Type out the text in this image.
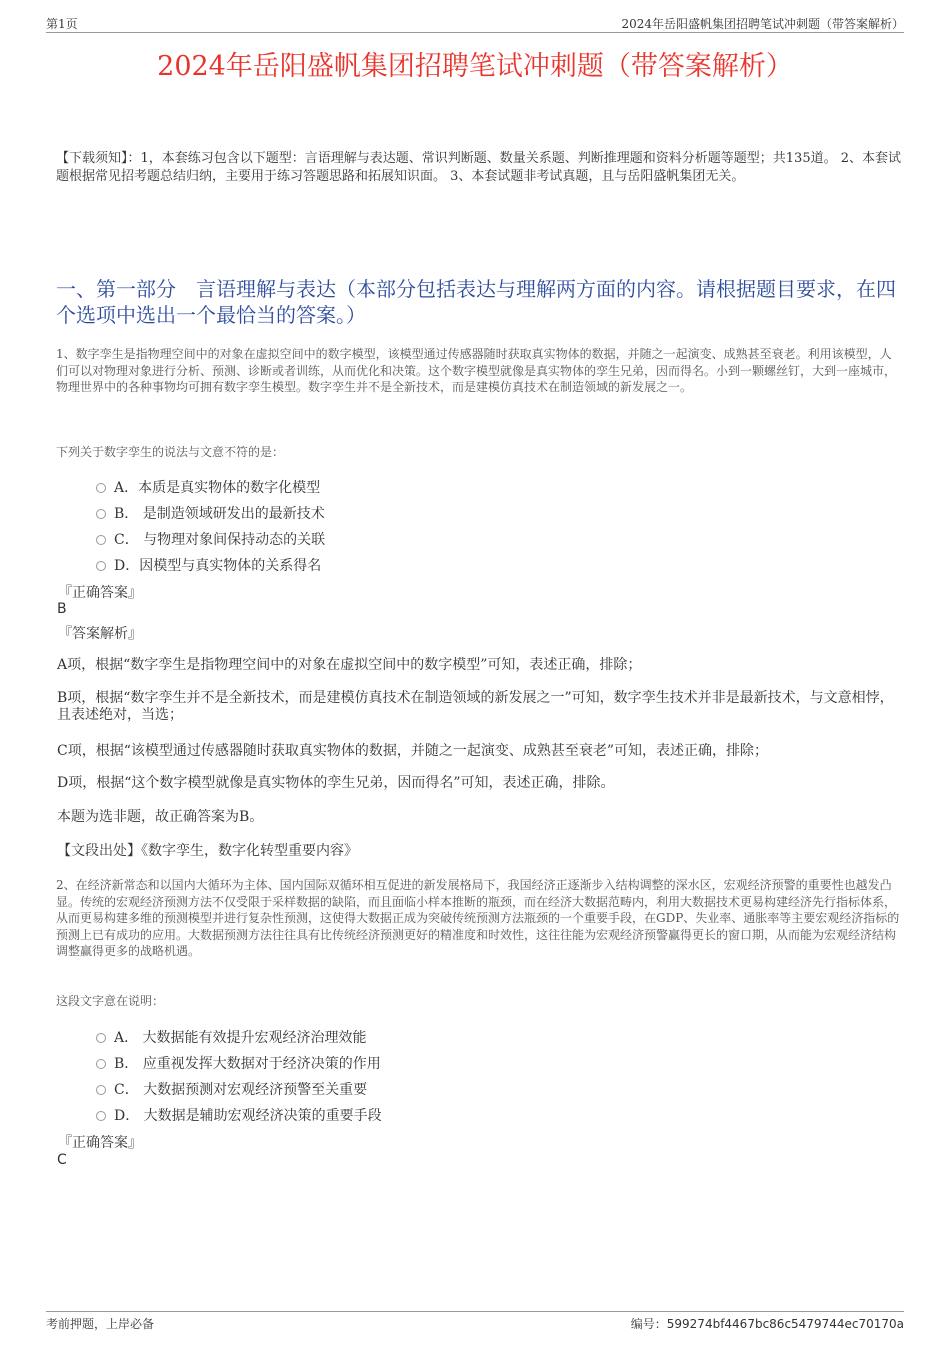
第1页	2024年岳阳盛帆集团招聘笔试冲刺题（带答案解析）
2024年岳阳盛帆集团招聘笔试冲刺题（带答案解析）
【下载须知】：1，本套练习包含以下题型：言语理解与表达题、常识判断题、数量关系题、判断推理题和资料分析题等题型；共135道。 2、本套试题根据常见招考题总结归纳，主要用于练习答题思路和拓展知识面。 3、本套试题非考试真题，且与岳阳盛帆集团无关。
一、第一部分　言语理解与表达（本部分包括表达与理解两方面的内容。请根据题目要求，在四个选项中选出一个最恰当的答案。）
1、数字孪生是指物理空间中的对象在虚拟空间中的数字模型，该模型通过传感器随时获取真实物体的数据，并随之一起演变、成熟甚至衰老。利用该模型，人们可以对物理对象进行分析、预测、诊断或者训练，从而优化和决策。这个数字模型就像是真实物体的孪生兄弟，因而得名。小到一颗螺丝钉，大到一座城市，物理世界中的各种事物均可拥有数字孪生模型。数字孪生并不是全新技术，而是建模仿真技术在制造领域的新发展之一。
下列关于数字孪生的说法与文意不符的是：
A．本质是真实物体的数字化模型
B． 是制造领域研发出的最新技术
C． 与物理对象间保持动态的关联
D．因模型与真实物体的关系得名
『正确答案』
B
『答案解析』
A项，根据“数字孪生是指物理空间中的对象在虚拟空间中的数字模型”可知，表述正确，排除；
B项，根据“数字孪生并不是全新技术，而是建模仿真技术在制造领域的新发展之一”可知，数字孪生技术并非是最新技术，与文意相悖，且表述绝对，当选；
C项，根据“该模型通过传感器随时获取真实物体的数据，并随之一起演变、成熟甚至衰老”可知，表述正确，排除；
D项，根据“这个数字模型就像是真实物体的孪生兄弟，因而得名”可知，表述正确，排除。
本题为选非题，故正确答案为B。
【文段出处】《数字孪生，数字化转型重要内容》
2、在经济新常态和以国内大循环为主体、国内国际双循环相互促进的新发展格局下，我国经济正逐渐步入结构调整的深水区，宏观经济预警的重要性也越发凸显。传统的宏观经济预测方法不仅受限于采样数据的缺陷，而且面临小样本推断的瓶颈，而在经济大数据范畴内，利用大数据技术更易构建经济先行指标体系，从而更易构建多维的预测模型并进行复杂性预测，这使得大数据正成为突破传统预测方法瓶颈的一个重要手段，在GDP、失业率、通胀率等主要宏观经济指标的预测上已有成功的应用。大数据预测方法往往具有比传统经济预测更好的精准度和时效性，这往往能为宏观经济预警赢得更长的窗口期，从而能为宏观经济结构调整赢得更多的战略机遇。
这段文字意在说明：
A． 大数据能有效提升宏观经济治理效能
B． 应重视发挥大数据对于经济决策的作用
C． 大数据预测对宏观经济预警至关重要
D． 大数据是辅助宏观经济决策的重要手段
『正确答案』
C
考前押题，上岸必备	编号：599274bf4467bc86c5479744ec70170a
